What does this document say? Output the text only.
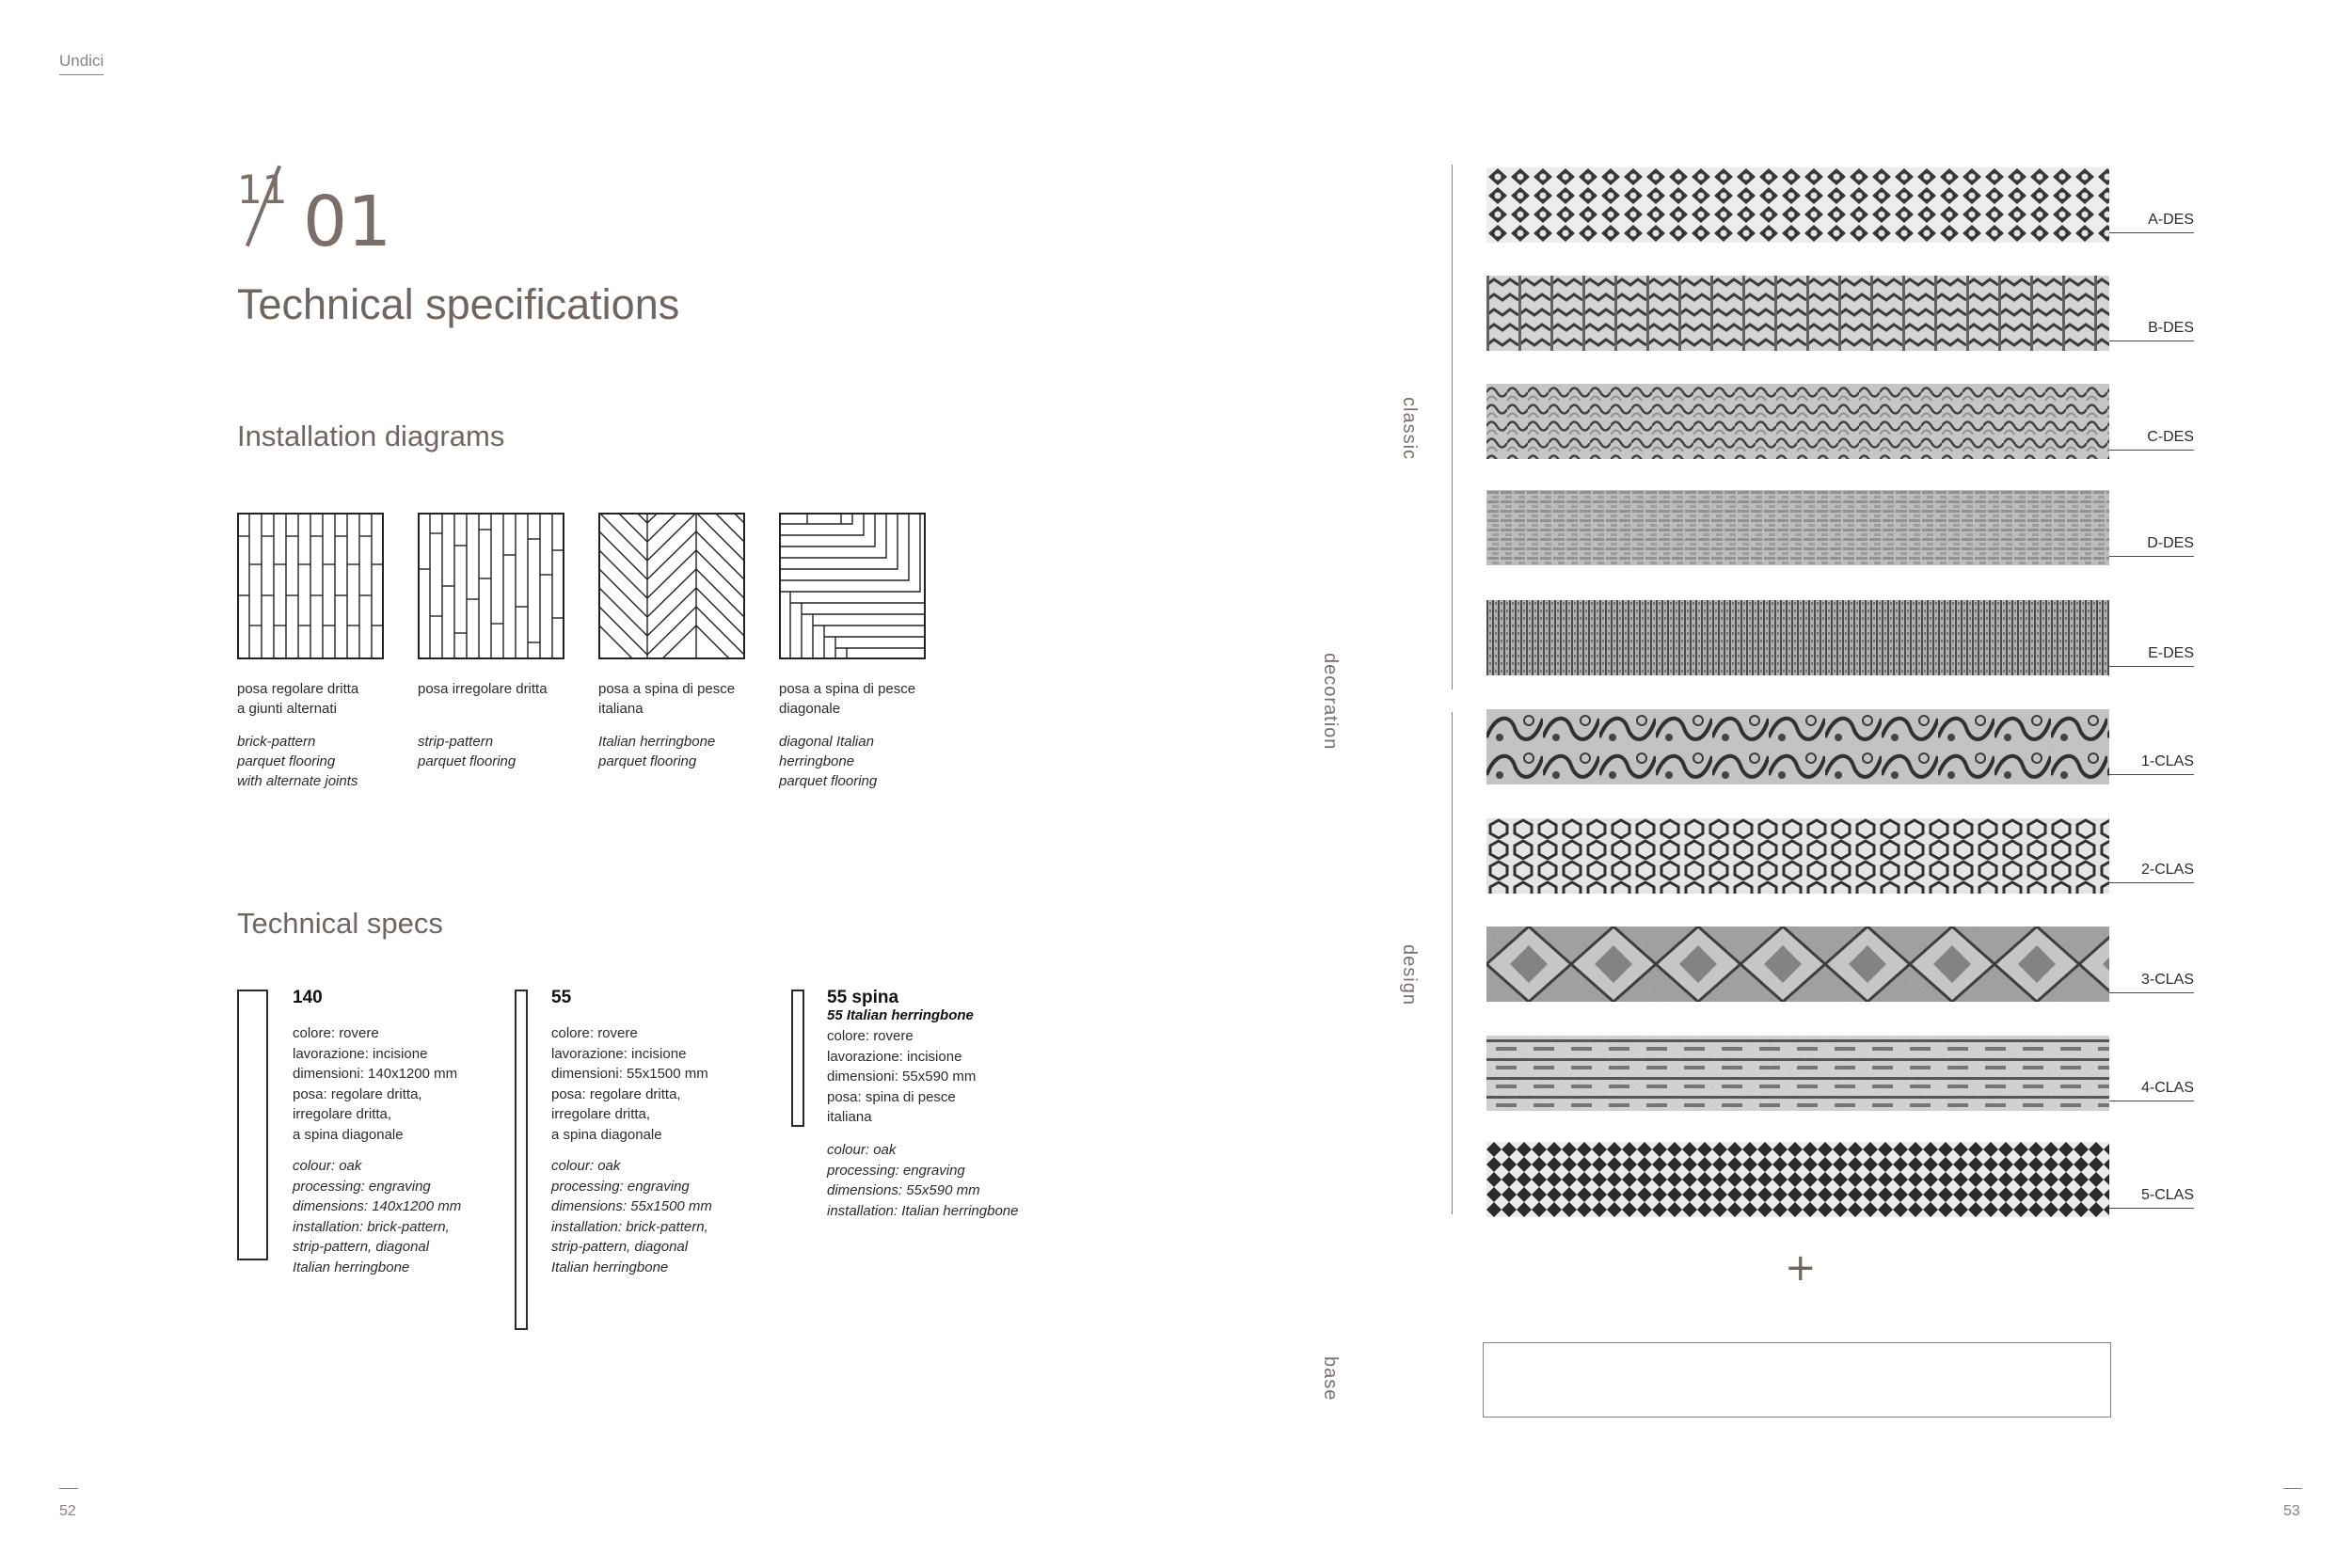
Undici
11 01
Technical specifications
Installation diagrams
posa regolare dritta
a giunti alternati
brick-pattern
parquet flooring
with alternate joints
posa irregolare dritta
strip-pattern
parquet flooring
posa a spina di pesce
italiana
Italian herringbone
parquet flooring
posa a spina di pesce
diagonale
diagonal Italian
herringbone
parquet flooring
Technical specs
140
colore: rovere
lavorazione: incisione
dimensioni: 140x1200 mm
posa: regolare dritta,
irregolare dritta,
a spina diagonale
colour: oak
processing: engraving
dimensions: 140x1200 mm
installation: brick-pattern,
strip-pattern, diagonal
Italian herringbone
55
colore: rovere
lavorazione: incisione
dimensioni: 55x1500 mm
posa: regolare dritta,
irregolare dritta,
a spina diagonale
colour: oak
processing: engraving
dimensions: 55x1500 mm
installation: brick-pattern,
strip-pattern, diagonal
Italian herringbone
55 spina
55 Italian herringbone
colore: rovere
lavorazione: incisione
dimensioni: 55x590 mm
posa: spina di pesce
italiana
colour: oak
processing: engraving
dimensions: 55x590 mm
installation: Italian herringbone
52	53
classic
decoration
design
base
A-DES
B-DES
C-DES
D-DES
E-DES
1-CLAS
2-CLAS
3-CLAS
4-CLAS
5-CLAS
+
